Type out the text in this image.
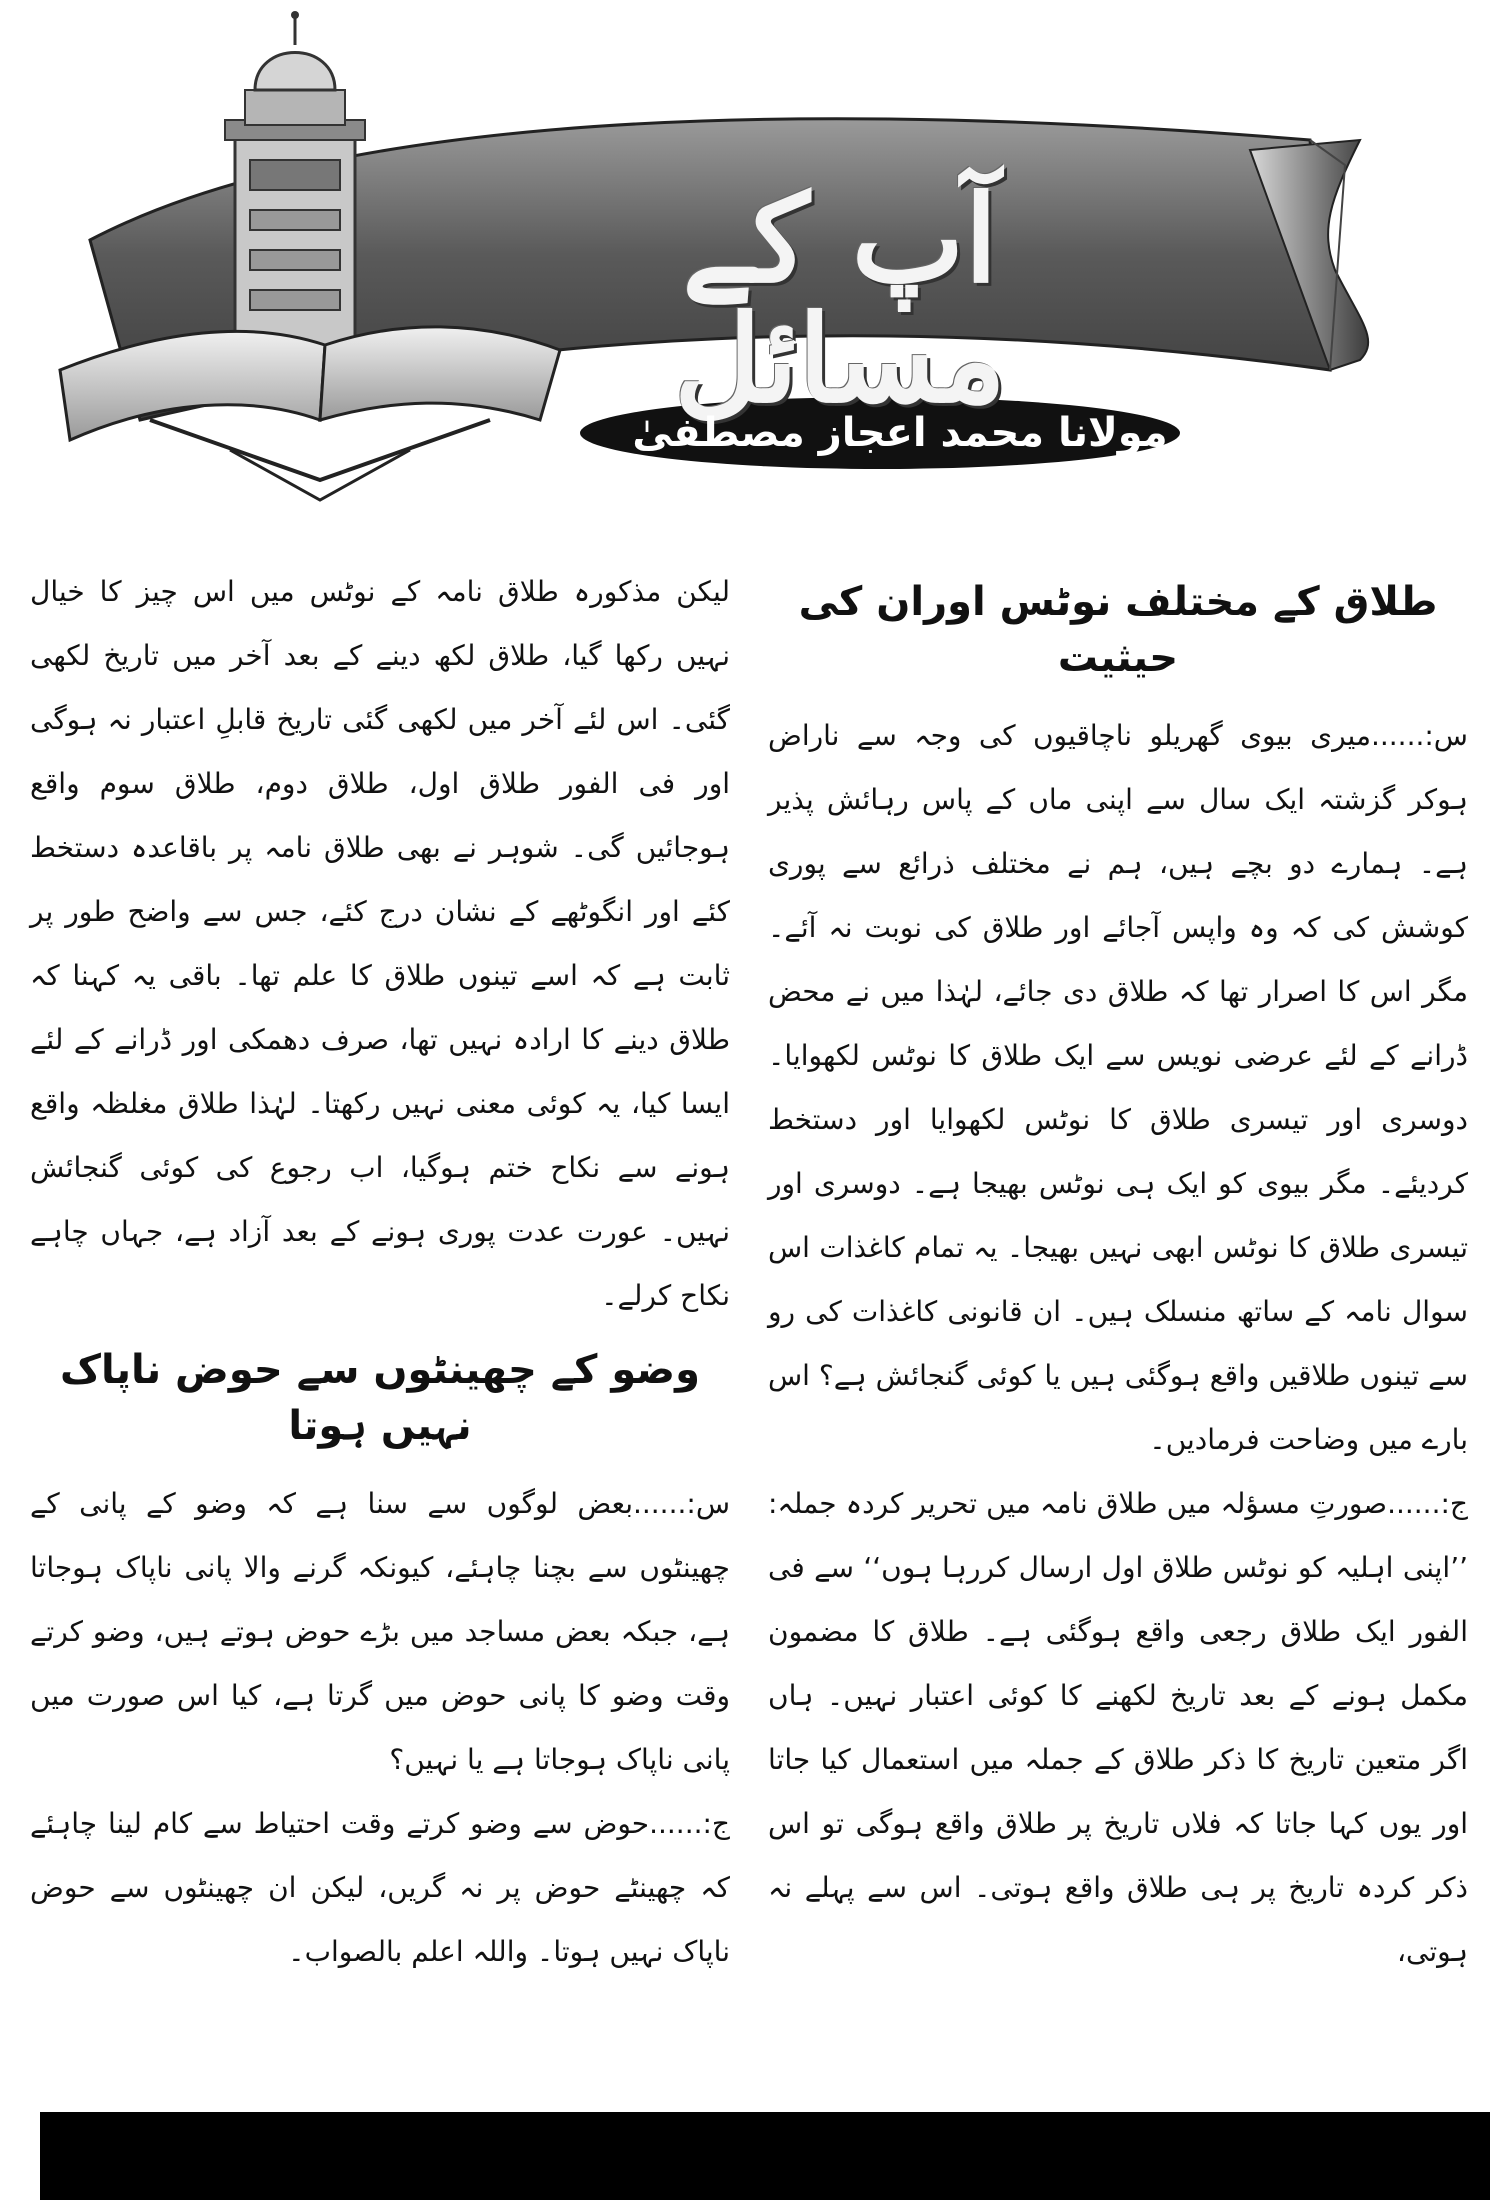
آپ کے مسائل
مولانا محمد اعجاز مصطفیٰ
طلاق کے مختلف نوٹس اوران کی حیثیت

س:......میری بیوی گھریلو ناچاقیوں کی وجہ سے ناراض ہوکر گزشتہ ایک سال سے اپنی ماں کے پاس رہائش پذیر ہے۔ ہمارے دو بچے ہیں، ہم نے مختلف ذرائع سے پوری کوشش کی کہ وہ واپس آجائے اور طلاق کی نوبت نہ آئے۔ مگر اس کا اصرار تھا کہ طلاق دی جائے، لہٰذا میں نے محض ڈرانے کے لئے عرضی نویس سے ایک طلاق کا نوٹس لکھوایا۔ دوسری اور تیسری طلاق کا نوٹس لکھوایا اور دستخط کردیئے۔ مگر بیوی کو ایک ہی نوٹس بھیجا ہے۔ دوسری اور تیسری طلاق کا نوٹس ابھی نہیں بھیجا۔ یہ تمام کاغذات اس سوال نامہ کے ساتھ منسلک ہیں۔ ان قانونی کاغذات کی رو سے تینوں طلاقیں واقع ہوگئی ہیں یا کوئی گنجائش ہے؟ اس بارے میں وضاحت فرمادیں۔

ج:......صورتِ مسؤلہ میں طلاق نامہ میں تحریر کردہ جملہ: ’’اپنی اہلیہ کو نوٹس طلاق اول ارسال کررہا ہوں‘‘ سے فی الفور ایک طلاق رجعی واقع ہوگئی ہے۔ طلاق کا مضمون مکمل ہونے کے بعد تاریخ لکھنے کا کوئی اعتبار نہیں۔ ہاں اگر متعین تاریخ کا ذکر طلاق کے جملہ میں استعمال کیا جاتا اور یوں کہا جاتا کہ فلاں تاریخ پر طلاق واقع ہوگی تو اس ذکر کردہ تاریخ پر ہی طلاق واقع ہوتی۔ اس سے پہلے نہ ہوتی،

لیکن مذکورہ طلاق نامہ کے نوٹس میں اس چیز کا خیال نہیں رکھا گیا، طلاق لکھ دینے کے بعد آخر میں تاریخ لکھی گئی۔ اس لئے آخر میں لکھی گئی تاریخ قابلِ اعتبار نہ ہوگی اور فی الفور طلاق اول، طلاق دوم، طلاق سوم واقع ہوجائیں گی۔ شوہر نے بھی طلاق نامہ پر باقاعدہ دستخط کئے اور انگوٹھے کے نشان درج کئے، جس سے واضح طور پر ثابت ہے کہ اسے تینوں طلاق کا علم تھا۔ باقی یہ کہنا کہ طلاق دینے کا ارادہ نہیں تھا، صرف دھمکی اور ڈرانے کے لئے ایسا کیا، یہ کوئی معنی نہیں رکھتا۔ لہٰذا طلاق مغلظہ واقع ہونے سے نکاح ختم ہوگیا، اب رجوع کی کوئی گنجائش نہیں۔ عورت عدت پوری ہونے کے بعد آزاد ہے، جہاں چاہے نکاح کرلے۔

وضو کے چھینٹوں سے حوض ناپاک نہیں ہوتا

س:......بعض لوگوں سے سنا ہے کہ وضو کے پانی کے چھینٹوں سے بچنا چاہئے، کیونکہ گرنے والا پانی ناپاک ہوجاتا ہے، جبکہ بعض مساجد میں بڑے حوض ہوتے ہیں، وضو کرتے وقت وضو کا پانی حوض میں گرتا ہے، کیا اس صورت میں پانی ناپاک ہوجاتا ہے یا نہیں؟

ج:......حوض سے وضو کرتے وقت احتیاط سے کام لینا چاہئے کہ چھینٹے حوض پر نہ گریں، لیکن ان چھینٹوں سے حوض ناپاک نہیں ہوتا۔ واللہ اعلم بالصواب۔
